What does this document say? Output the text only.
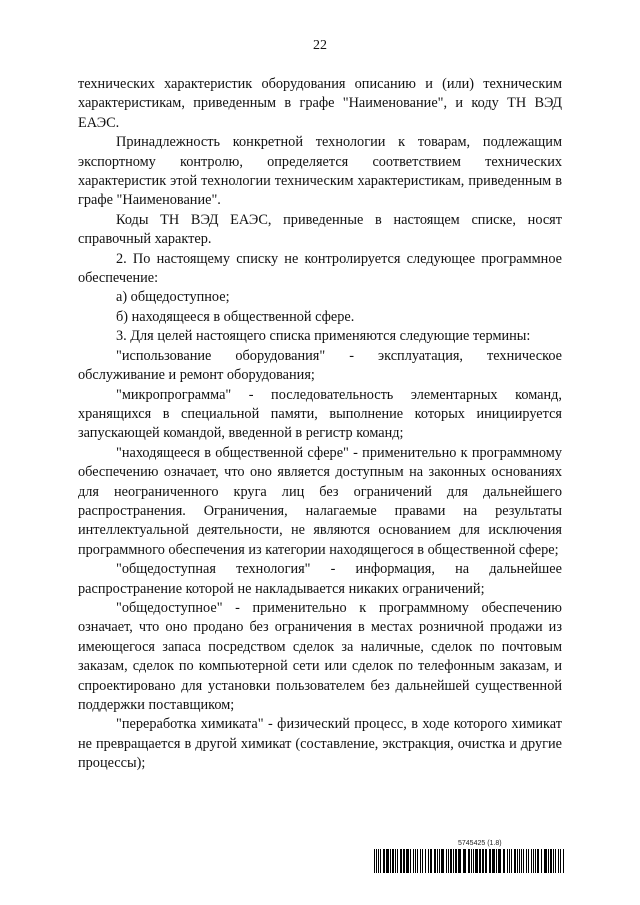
22

технических характеристик оборудования описанию и (или) техническим характеристикам, приведенным в графе "Наименование", и коду ТН ВЭД ЕАЭС.

Принадлежность конкретной технологии к товарам, подлежащим экспортному контролю, определяется соответствием технических характеристик этой технологии техническим характеристикам, приведенным в графе "Наименование".

Коды ТН ВЭД ЕАЭС, приведенные в настоящем списке, носят справочный характер.

2. По настоящему списку не контролируется следующее программное обеспечение:

а) общедоступное;

б) находящееся в общественной сфере.

3. Для целей настоящего списка применяются следующие термины:

"использование оборудования" - эксплуатация, техническое обслуживание и ремонт оборудования;

"микропрограмма" - последовательность элементарных команд, хранящихся в специальной памяти, выполнение которых инициируется запускающей командой, введенной в регистр команд;

"находящееся в общественной сфере" - применительно к программному обеспечению означает, что оно является доступным на законных основаниях для неограниченного круга лиц без ограничений для дальнейшего распространения. Ограничения, налагаемые правами на результаты интеллектуальной деятельности, не являются основанием для исключения программного обеспечения из категории находящегося в общественной сфере;

"общедоступная технология" - информация, на дальнейшее распространение которой не накладывается никаких ограничений;

"общедоступное" - применительно к программному обеспечению означает, что оно продано без ограничения в местах розничной продажи из имеющегося запаса посредством сделок за наличные, сделок по почтовым заказам, сделок по компьютерной сети или сделок по телефонным заказам, и спроектировано для установки пользователем без дальнейшей существенной поддержки поставщиком;

"переработка химиката" - физический процесс, в ходе которого химикат не превращается в другой химикат (составление, экстракция, очистка и другие процессы);

5745425 (1.8)
